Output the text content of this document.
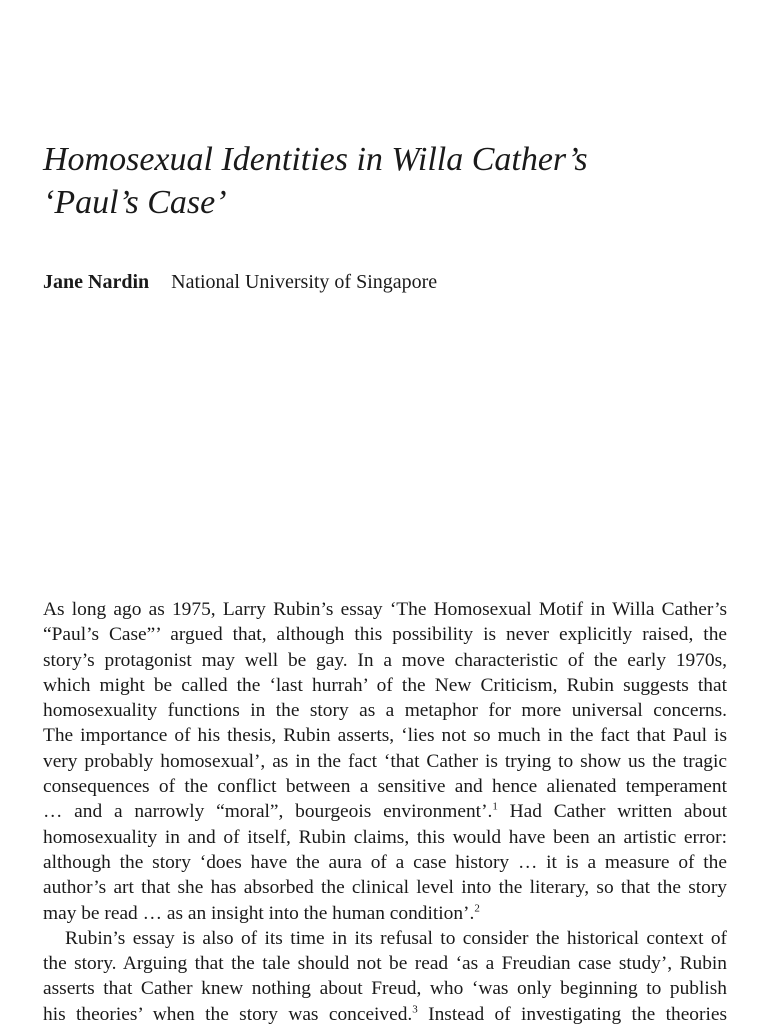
Homosexual Identities in Willa Cather’s
‘Paul’s Case’
Jane Nardin National University of Singapore
As long ago as 1975, Larry Rubin’s essay ‘The Homosexual Motif in Willa Cather’s
“Paul’s Case”’ argued that, although this possibility is never explicitly raised, the
story’s protagonist may well be gay. In a move characteristic of the early 1970s,
which might be called the ‘last hurrah’ of the New Criticism, Rubin suggests that
homosexuality functions in the story as a metaphor for more universal concerns.
The importance of his thesis, Rubin asserts, ‘lies not so much in the fact that Paul is
very probably homosexual’, as in the fact ‘that Cather is trying to show us the tragic
consequences of the conflict between a sensitive and hence alienated temperament
… and a narrowly “moral”, bourgeois environment’.$^1$ Had Cather written about
homosexuality in and of itself, Rubin claims, this would have been an artistic error:
although the story ‘does have the aura of a case history … it is a measure of the
author’s art that she has absorbed the clinical level into the literary, so that the story
may be read … as an insight into the human condition’.$^2$
Rubin’s essay is also of its time in its refusal to consider the historical context of
the story. Arguing that the tale should not be read ‘as a Freudian case study’, Rubin
asserts that Cather knew nothing about Freud, who ‘was only beginning to publish
his theories’ when the story was conceived.$^3$ Instead of investigating the theories
